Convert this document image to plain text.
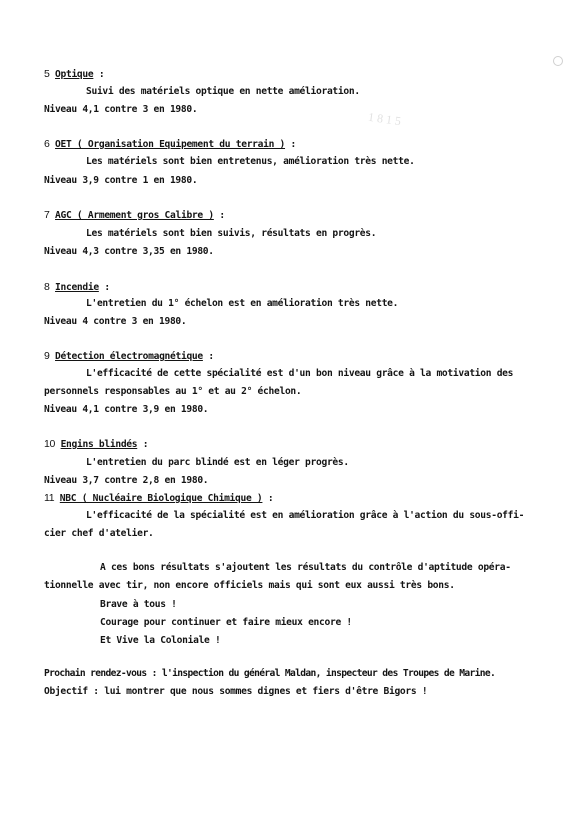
1 8 1 5
5 Optique :
Suivi des matériels optique en nette amélioration.
Niveau 4,1 contre 3 en 1980.
6 OET ( Organisation Equipement du terrain ) :
Les matériels sont bien entretenus, amélioration très nette.
Niveau 3,9 contre 1 en 1980.
7 AGC ( Armement gros Calibre ) :
Les matériels sont bien suivis, résultats en progrès.
Niveau 4,3 contre 3,35 en 1980.
8 Incendie :
L'entretien du 1° échelon est en amélioration très nette.
Niveau 4 contre 3 en 1980.
9 Détection électromagnétique :
L'efficacité de cette spécialité est d'un bon niveau grâce à la motivation des
personnels responsables au 1° et au 2° échelon.
Niveau 4,1 contre 3,9 en 1980.
10 Engins blindés :
L'entretien du parc blindé est en léger progrès.
Niveau 3,7 contre 2,8 en 1980.
11 NBC ( Nucléaire Biologique Chimique ) :
L'efficacité de la spécialité est en amélioration grâce à l'action du sous-offi-
cier chef d'atelier.
A ces bons résultats s'ajoutent les résultats du contrôle d'aptitude opéra-
tionnelle avec tir, non encore officiels mais qui sont eux aussi très bons.
Brave à tous !
Courage pour continuer et faire mieux encore !
Et Vive la Coloniale !
Prochain rendez-vous : l'inspection du général Maldan, inspecteur des Troupes de Marine.
Objectif : lui montrer que nous sommes dignes et fiers d'être Bigors !
